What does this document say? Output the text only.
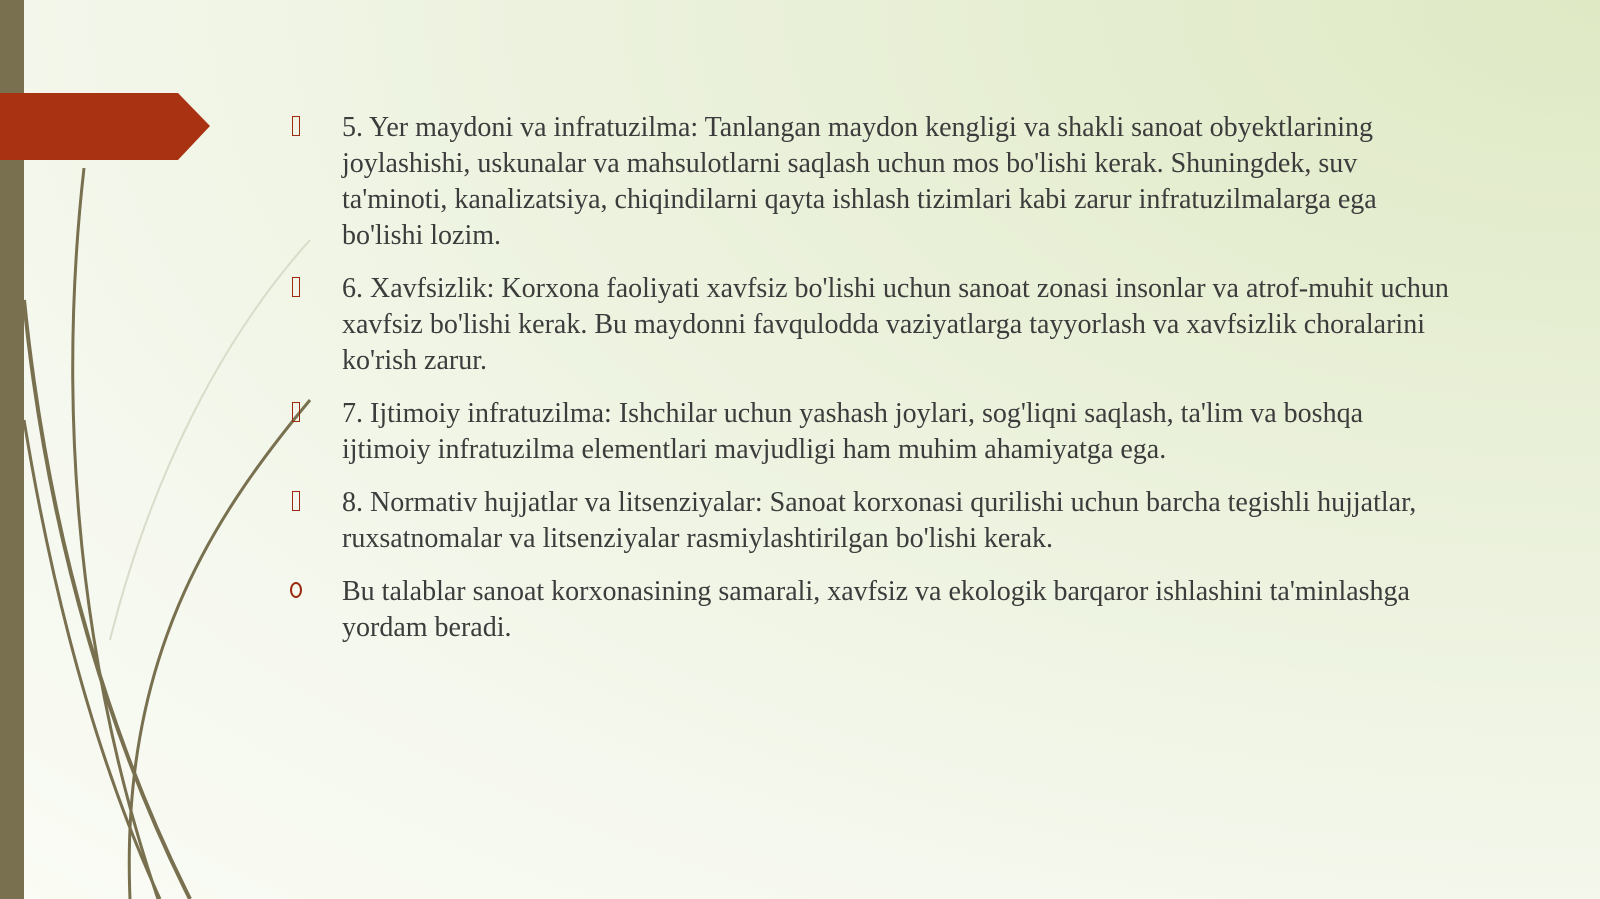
5. Yer maydoni va infratuzilma: Tanlangan maydon kengligi va shakli sanoat obyektlarining joylashishi, uskunalar va mahsulotlarni saqlash uchun mos bo'lishi kerak. Shuningdek, suv ta'minoti, kanalizatsiya, chiqindilarni qayta ishlash tizimlari kabi zarur infratuzilmalarga ega bo'lishi lozim.
6. Xavfsizlik: Korxona faoliyati xavfsiz bo'lishi uchun sanoat zonasi insonlar va atrof-muhit uchun xavfsiz bo'lishi kerak. Bu maydonni favqulodda vaziyatlarga tayyorlash va xavfsizlik choralarini ko'rish zarur.
7. Ijtimoiy infratuzilma: Ishchilar uchun yashash joylari, sog'liqni saqlash, ta'lim va boshqa ijtimoiy infratuzilma elementlari mavjudligi ham muhim ahamiyatga ega.
8. Normativ hujjatlar va litsenziyalar: Sanoat korxonasi qurilishi uchun barcha tegishli hujjatlar, ruxsatnomalar va litsenziyalar rasmiylashtirilgan bo'lishi kerak.
Bu talablar sanoat korxonasining samarali, xavfsiz va ekologik barqaror ishlashini ta'minlashga yordam beradi.
